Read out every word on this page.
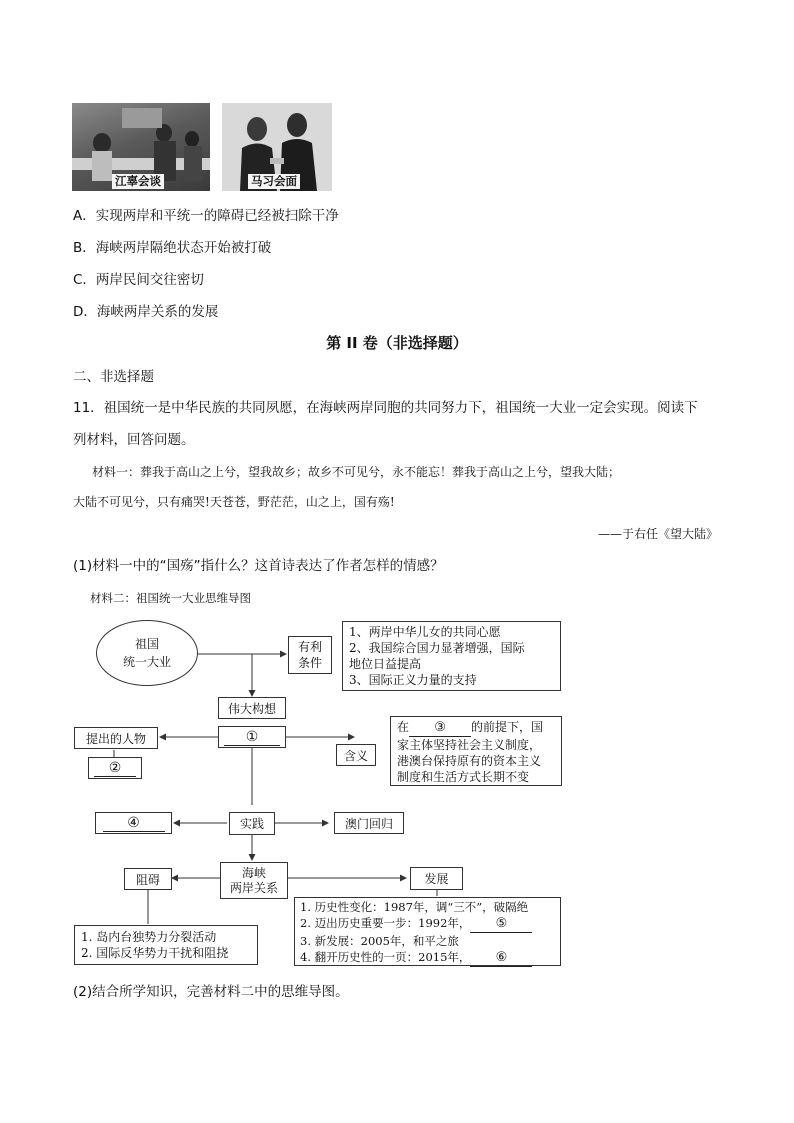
江辜会谈	马习会面
A．实现两岸和平统一的障碍已经被扫除干净
B．海峡两岸隔绝状态开始被打破
C．两岸民间交往密切
D．海峡两岸关系的发展
第 II 卷（非选择题）
二、非选择题
11．祖国统一是中华民族的共同夙愿，在海峡两岸同胞的共同努力下，祖国统一大业一定会实现。阅读下
列材料，回答问题。
材料一：葬我于高山之上兮，望我故乡；故乡不可见兮，永不能忘！葬我于高山之上兮，望我大陆；
大陆不可见兮，只有痛哭!天苍苍，野茫茫，山之上，国有殇!
——于右任《望大陆》
(1)材料一中的“国殇”指什么？这首诗表达了作者怎样的情感？
材料二：祖国统一大业思维导图
祖国
统一大业
有利
条件
1、两岸中华儿女的共同心愿
2、我国综合国力显著增强，国际
地位日益提高
3、国际正义力量的支持
伟大构想
①
提出的人物
②
含义
在 ③ 的前提下，国
家主体坚持社会主义制度，
港澳台保持原有的资本主义
制度和生活方式长期不变
实践
④	澳门回归
海峡
两岸关系
阻碍
1. 岛内台独势力分裂活动
2. 国际反华势力干扰和阻挠
发展
1. 历史性变化：1987年，调“三不”，破隔绝
2. 迈出历史重要一步：1992年， ⑤
3. 新发展：2005年，和平之旅
4. 翻开历史性的一页：2015年， ⑥
(2)结合所学知识，完善材料二中的思维导图。
